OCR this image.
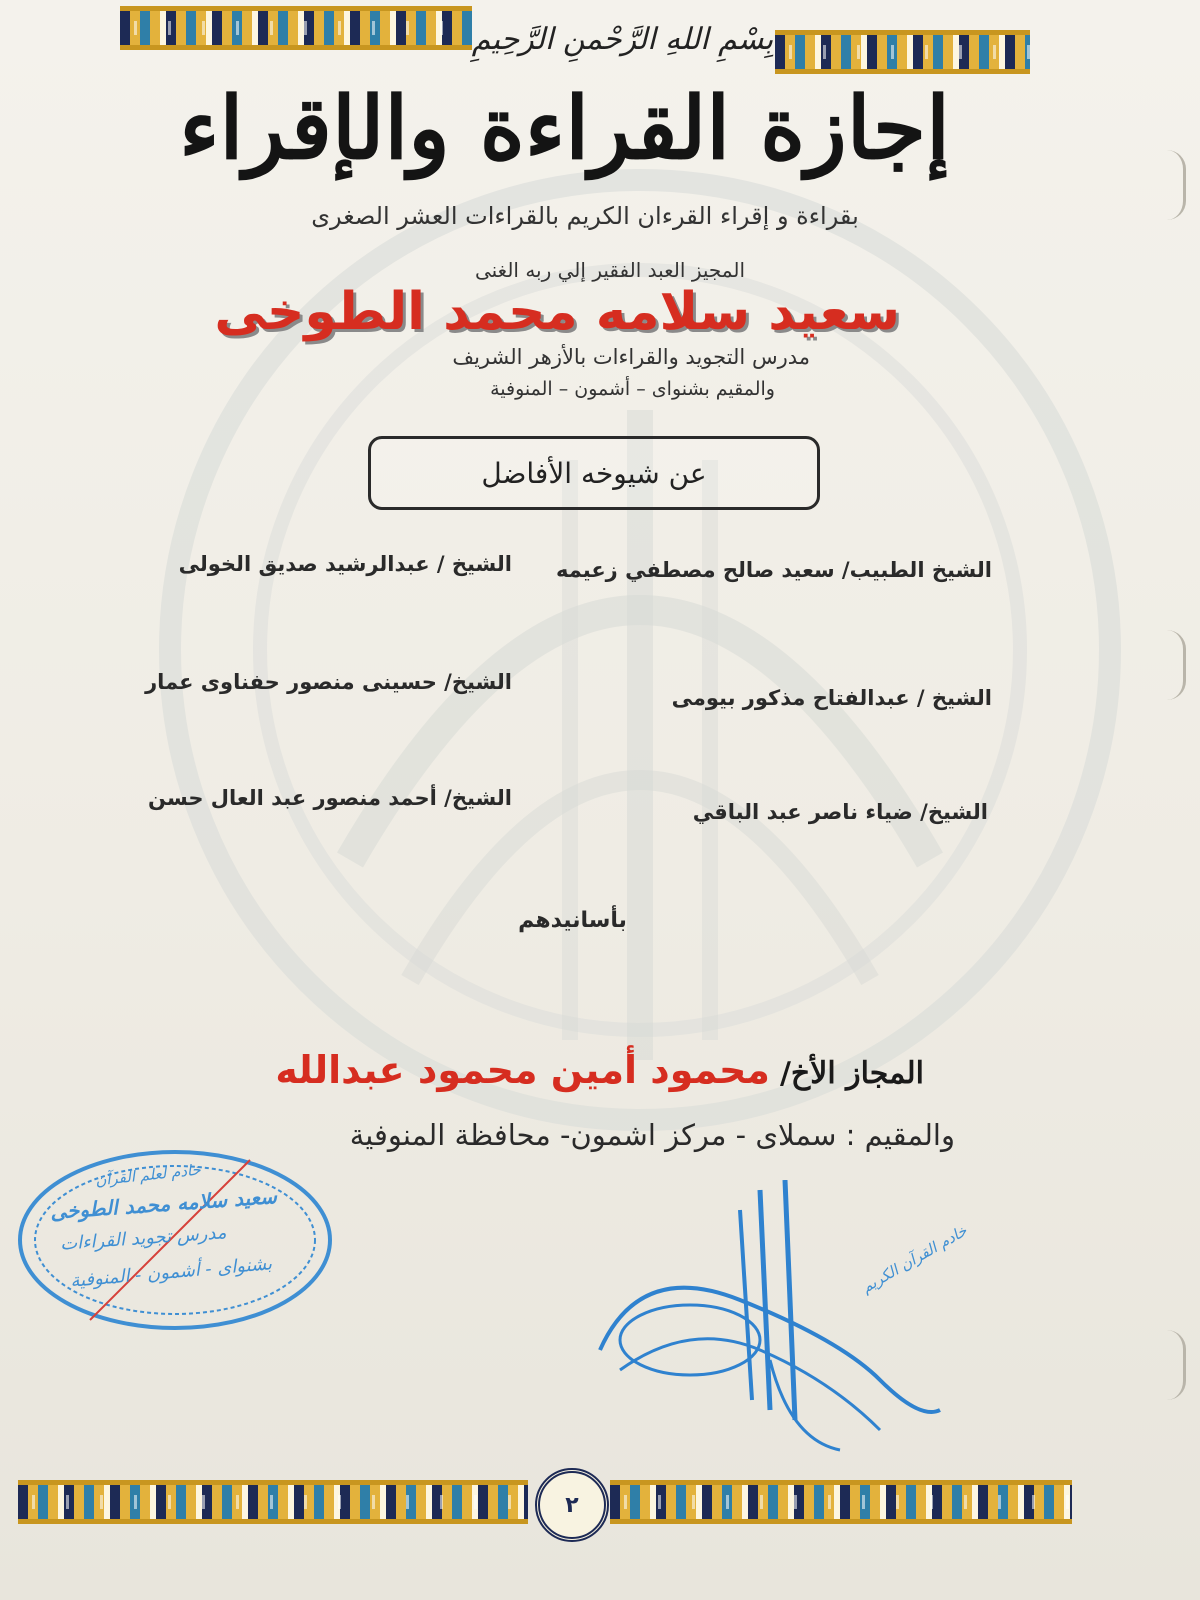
بِسْمِ اللهِ الرَّحْمنِ الرَّحِيمِ
إجازة القراءة والإقراء
بقراءة و إقراء القرءان الكريم بالقراءات العشر الصغرى
المجيز العبد الفقير إلي ربه الغنى
سعيد سلامه محمد الطوخى
مدرس التجويد والقراءات بالأزهر الشريف
والمقيم بشنواى – أشمون – المنوفية
عن شيوخه الأفاضل
الشيخ الطبيب/ سعيد صالح مصطفي زعيمه
الشيخ / عبدالرشيد صديق الخولى
الشيخ / عبدالفتاح مذكور بيومى
الشيخ/ حسينى منصور حفناوى عمار
الشيخ/ ضياء ناصر عبد الباقي
الشيخ/ أحمد منصور عبد العال حسن
بأسانيدهم
المجاز الأخ/
محمود أمين محمود عبدالله
والمقيم : سملاى - مركز اشمون- محافظة المنوفية
خادم لعلم القرآن
سعيد سلامه محمد الطوخى
مدرس تجويد القراءات
بشنواى - أشمون - المنوفية	خادم القرآن الكريم
٢
